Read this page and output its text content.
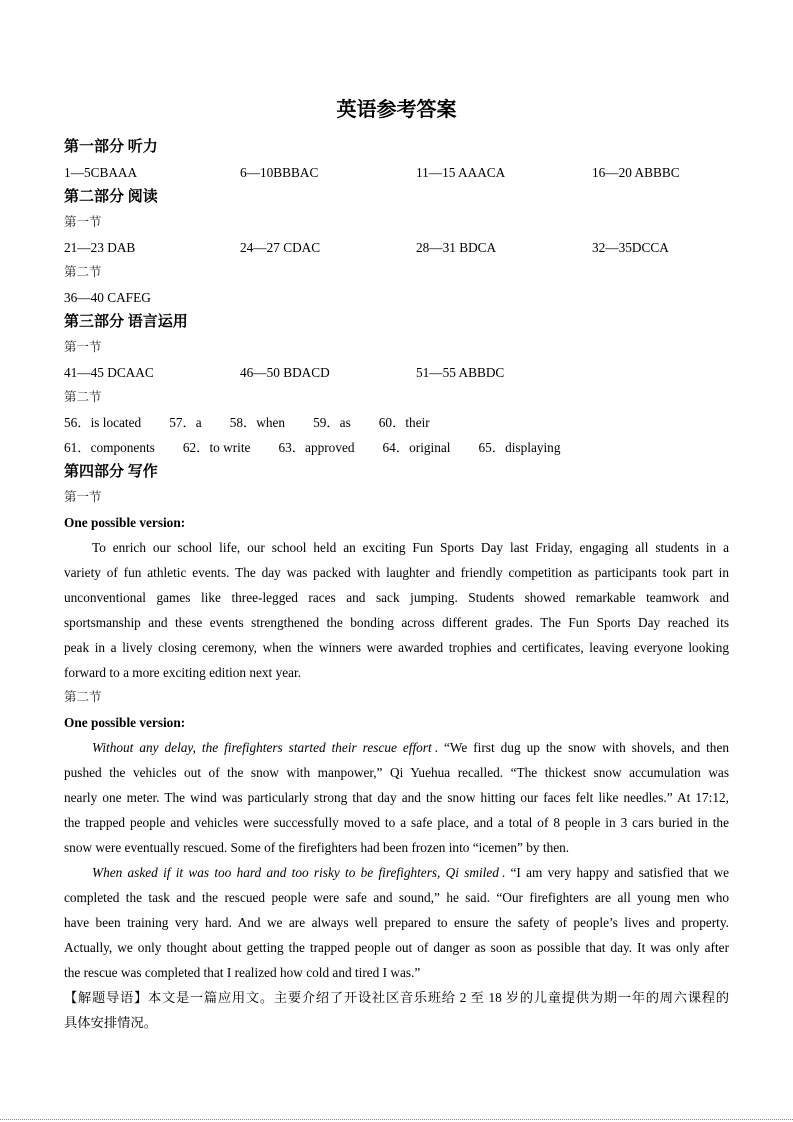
英语参考答案
第一部分 听力
1—5CBAAA	6—10BBBAC	11—15 AAACA	16—20 ABBBC
第二部分 阅读
第一节
21—23 DAB	24—27 CDAC	28—31 BDCA	32—35DCCA
第二节
36—40 CAFEG
第三部分 语言运用
第一节
41—45 DCAAC	46—50 BDACD	51—55 ABBDC
第二节
56．is located 57．a 58．when 59．as 60．their
61．components 62．to write 63．approved 64．original 65．displaying
第四部分 写作
第一节
One possible version:
To enrich our school life, our school held an exciting Fun Sports Day last Friday, engaging all students in a
variety of fun athletic events. The day was packed with laughter and friendly competition as participants took part in
unconventional games like three-legged races and sack jumping. Students showed remarkable teamwork and
sportsmanship and these events strengthened the bonding across different grades. The Fun Sports Day reached its
peak in a lively closing ceremony, when the winners were awarded trophies and certificates, leaving everyone looking
forward to a more exciting edition next year.
第二节
One possible version:
Without any delay, the firefighters started their rescue effort . “We first dug up the snow with shovels, and then
pushed the vehicles out of the snow with manpower,” Qi Yuehua recalled. “The thickest snow accumulation was
nearly one meter. The wind was particularly strong that day and the snow hitting our faces felt like needles.” At 17:12,
the trapped people and vehicles were successfully moved to a safe place, and a total of 8 people in 3 cars buried in the
snow were eventually rescued. Some of the firefighters had been frozen into “icemen” by then.
When asked if it was too hard and too risky to be firefighters, Qi smiled . “I am very happy and satisfied that we
completed the task and the rescued people were safe and sound,” he said. “Our firefighters are all young men who
have been training very hard. And we are always well prepared to ensure the safety of people’s lives and property.
Actually, we only thought about getting the trapped people out of danger as soon as possible that day. It was only after
the rescue was completed that I realized how cold and tired I was.”
【解题导语】本文是一篇应用文。主要介绍了开设社区音乐班给 2 至 18 岁的儿童提供为期一年的周六课程的
具体安排情况。
